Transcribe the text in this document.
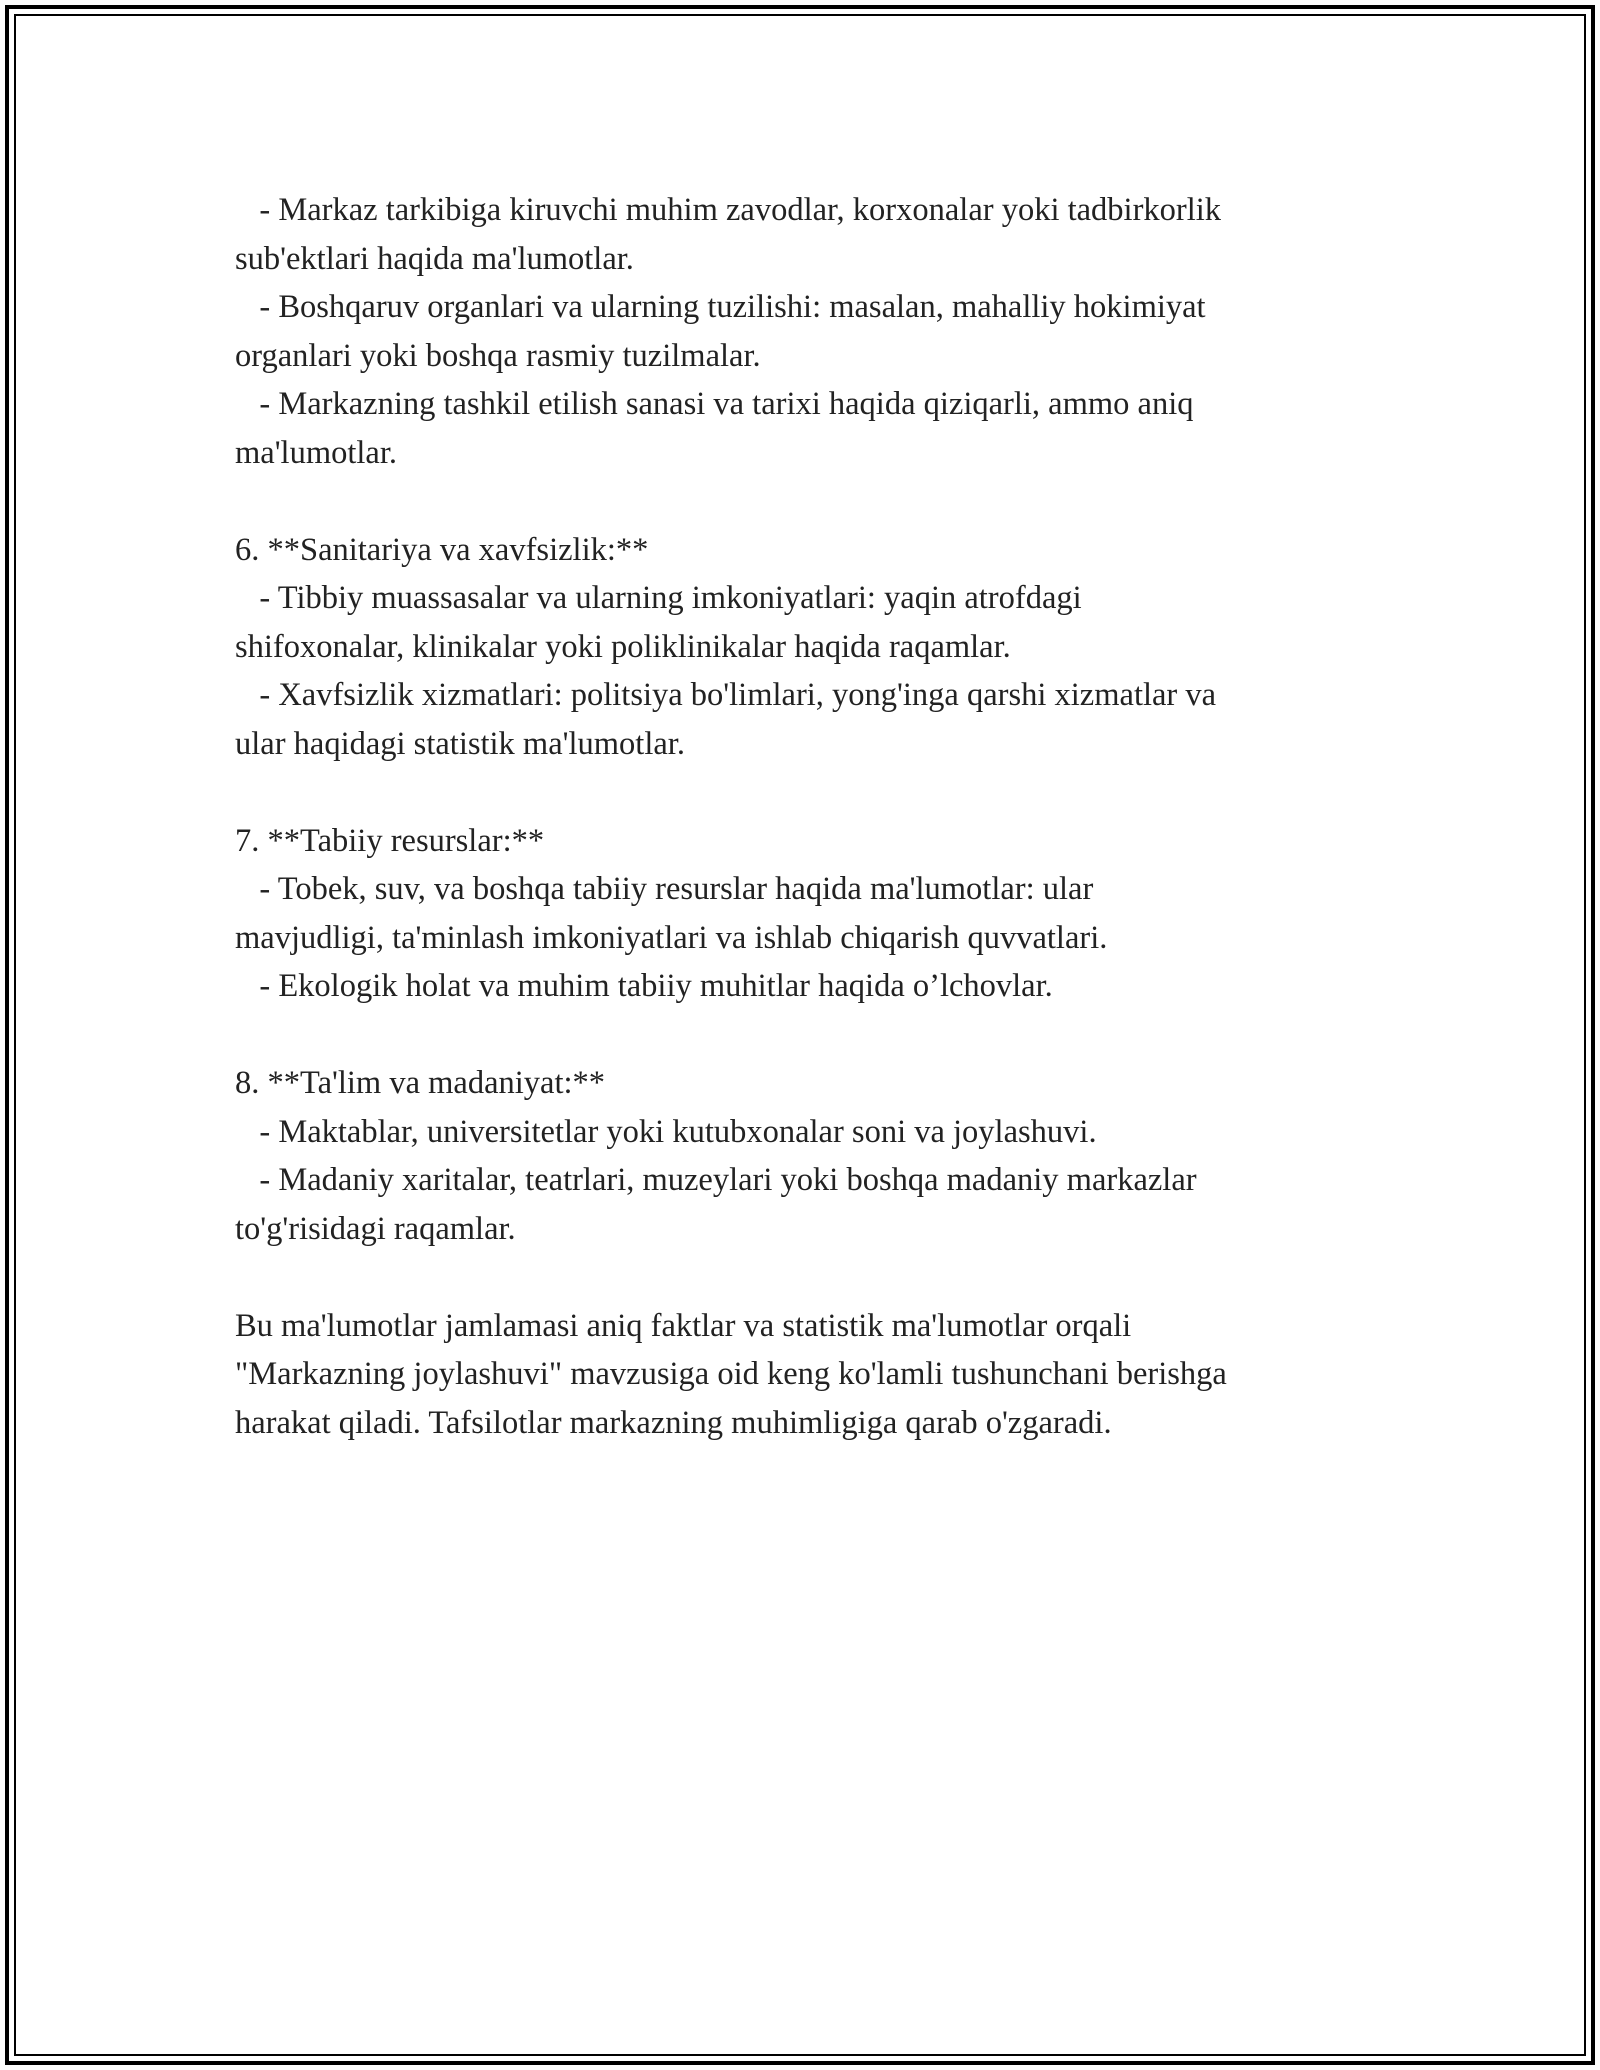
- Markaz tarkibiga kiruvchi muhim zavodlar, korxonalar yoki tadbirkorlik
sub'ektlari haqida ma'lumotlar.
- Boshqaruv organlari va ularning tuzilishi: masalan, mahalliy hokimiyat
organlari yoki boshqa rasmiy tuzilmalar.
- Markazning tashkil etilish sanasi va tarixi haqida qiziqarli, ammo aniq
ma'lumotlar.
6. **Sanitariya va xavfsizlik:**
- Tibbiy muassasalar va ularning imkoniyatlari: yaqin atrofdagi
shifoxonalar, klinikalar yoki poliklinikalar haqida raqamlar.
- Xavfsizlik xizmatlari: politsiya bo'limlari, yong'inga qarshi xizmatlar va
ular haqidagi statistik ma'lumotlar.
7. **Tabiiy resurslar:**
- Tobek, suv, va boshqa tabiiy resurslar haqida ma'lumotlar: ular
mavjudligi, ta'minlash imkoniyatlari va ishlab chiqarish quvvatlari.
- Ekologik holat va muhim tabiiy muhitlar haqida o’lchovlar.
8. **Ta'lim va madaniyat:**
- Maktablar, universitetlar yoki kutubxonalar soni va joylashuvi.
- Madaniy xaritalar, teatrlari, muzeylari yoki boshqa madaniy markazlar
to'g'risidagi raqamlar.
Bu ma'lumotlar jamlamasi aniq faktlar va statistik ma'lumotlar orqali
"Markazning joylashuvi" mavzusiga oid keng ko'lamli tushunchani berishga
harakat qiladi. Tafsilotlar markazning muhimligiga qarab o'zgaradi.
